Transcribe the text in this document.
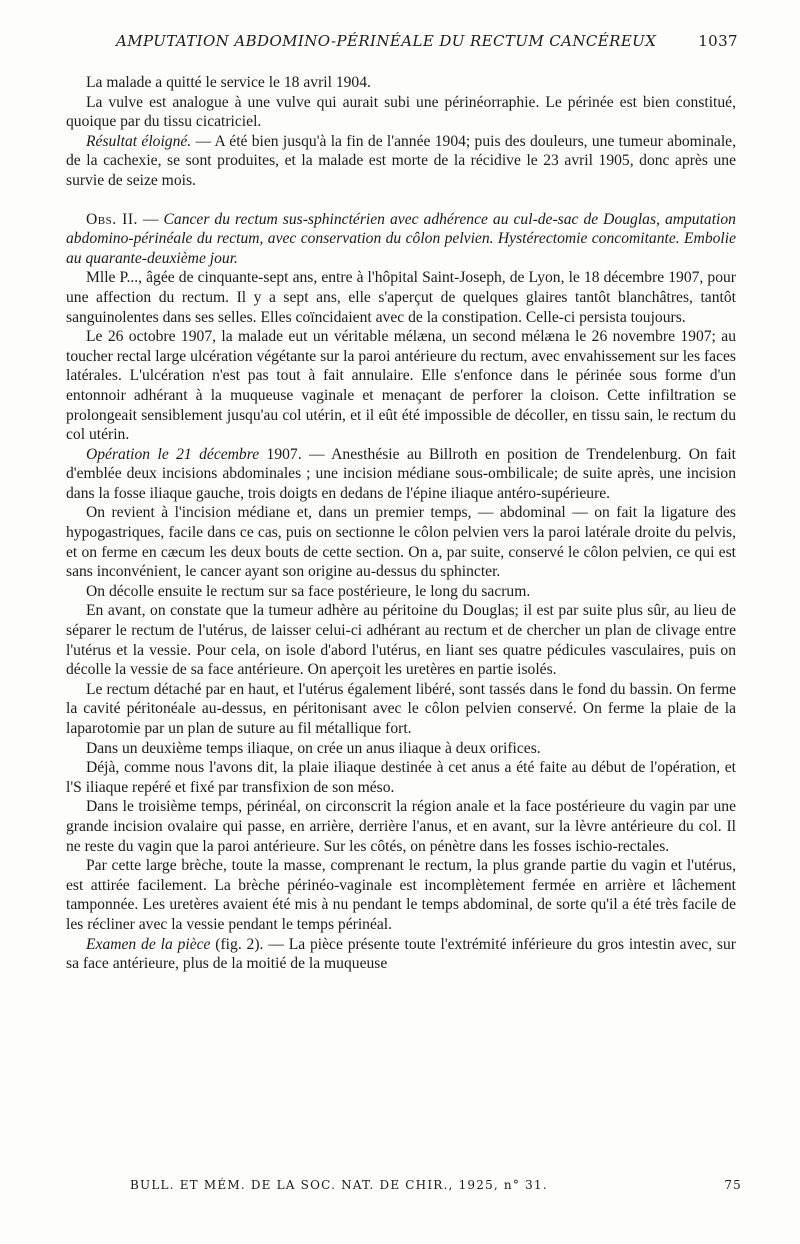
AMPUTATION ABDOMINO-PÉRINÉALE DU RECTUM CANCÉREUX	1037

La malade a quitté le service le 18 avril 1904.

La vulve est analogue à une vulve qui aurait subi une périnéorraphie. Le périnée est bien constitué, quoique par du tissu cicatriciel.

Résultat éloigné. — A été bien jusqu'à la fin de l'année 1904; puis des douleurs, une tumeur abominale, de la cachexie, se sont produites, et la malade est morte de la récidive le 23 avril 1905, donc après une survie de seize mois.

Obs. II. — Cancer du rectum sus-sphinctérien avec adhérence au cul-de-sac de Douglas, amputation abdomino-périnéale du rectum, avec conservation du côlon pelvien. Hystérectomie concomitante. Embolie au quarante-deuxième jour.

Mlle P..., âgée de cinquante-sept ans, entre à l'hôpital Saint-Joseph, de Lyon, le 18 décembre 1907, pour une affection du rectum. Il y a sept ans, elle s'aperçut de quelques glaires tantôt blanchâtres, tantôt sanguinolentes dans ses selles. Elles coïncidaient avec de la constipation. Celle-ci persista toujours.

Le 26 octobre 1907, la malade eut un véritable mélæna, un second mélæna le 26 novembre 1907; au toucher rectal large ulcération végétante sur la paroi antérieure du rectum, avec envahissement sur les faces latérales. L'ulcération n'est pas tout à fait annulaire. Elle s'enfonce dans le périnée sous forme d'un entonnoir adhérant à la muqueuse vaginale et menaçant de perforer la cloison. Cette infiltration se prolongeait sensiblement jusqu'au col utérin, et il eût été impossible de décoller, en tissu sain, le rectum du col utérin.

Opération le 21 décembre 1907. — Anesthésie au Billroth en position de Trendelenburg. On fait d'emblée deux incisions abdominales ; une incision médiane sous-ombilicale; de suite après, une incision dans la fosse iliaque gauche, trois doigts en dedans de l'épine iliaque antéro-supérieure.

On revient à l'incision médiane et, dans un premier temps, — abdominal — on fait la ligature des hypogastriques, facile dans ce cas, puis on sectionne le côlon pelvien vers la paroi latérale droite du pelvis, et on ferme en cæcum les deux bouts de cette section. On a, par suite, conservé le côlon pelvien, ce qui est sans inconvénient, le cancer ayant son origine au-dessus du sphincter.

On décolle ensuite le rectum sur sa face postérieure, le long du sacrum.

En avant, on constate que la tumeur adhère au péritoine du Douglas; il est par suite plus sûr, au lieu de séparer le rectum de l'utérus, de laisser celui-ci adhérant au rectum et de chercher un plan de clivage entre l'utérus et la vessie. Pour cela, on isole d'abord l'utérus, en liant ses quatre pédicules vasculaires, puis on décolle la vessie de sa face antérieure. On aperçoit les uretères en partie isolés.

Le rectum détaché par en haut, et l'utérus également libéré, sont tassés dans le fond du bassin. On ferme la cavité péritonéale au-dessus, en péritonisant avec le côlon pelvien conservé. On ferme la plaie de la laparotomie par un plan de suture au fil métallique fort.

Dans un deuxième temps iliaque, on crée un anus iliaque à deux orifices.

Déjà, comme nous l'avons dit, la plaie iliaque destinée à cet anus a été faite au début de l'opération, et l'S iliaque repéré et fixé par transfixion de son méso.

Dans le troisième temps, périnéal, on circonscrit la région anale et la face postérieure du vagin par une grande incision ovalaire qui passe, en arrière, derrière l'anus, et en avant, sur la lèvre antérieure du col. Il ne reste du vagin que la paroi antérieure. Sur les côtés, on pénètre dans les fosses ischio-rectales.

Par cette large brèche, toute la masse, comprenant le rectum, la plus grande partie du vagin et l'utérus, est attirée facilement. La brèche périnéo-vaginale est incomplètement fermée en arrière et lâchement tamponnée. Les uretères avaient été mis à nu pendant le temps abdominal, de sorte qu'il a été très facile de les récliner avec la vessie pendant le temps périnéal.

Examen de la pièce (fig. 2). — La pièce présente toute l'extrémité inférieure du gros intestin avec, sur sa face antérieure, plus de la moitié de la muqueuse

BULL. ET MÉM. DE LA SOC. NAT. DE CHIR., 1925, n° 31.	75
